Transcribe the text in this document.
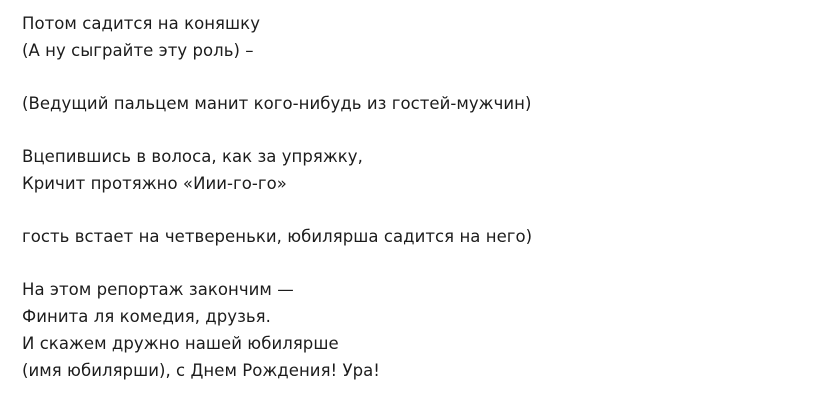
Потом садится на коняшку
(А ну сыграйте эту роль) –
(Ведущий пальцем манит кого-нибудь из гостей-мужчин)
Вцепившись в волоса, как за упряжку,
Кричит протяжно «Иии-го-го»
гость встает на четвереньки, юбилярша садится на него)
На этом репортаж закончим —
Финита ля комедия, друзья.
И скажем дружно нашей юбилярше
(имя юбилярши), с Днем Рождения! Ура!
